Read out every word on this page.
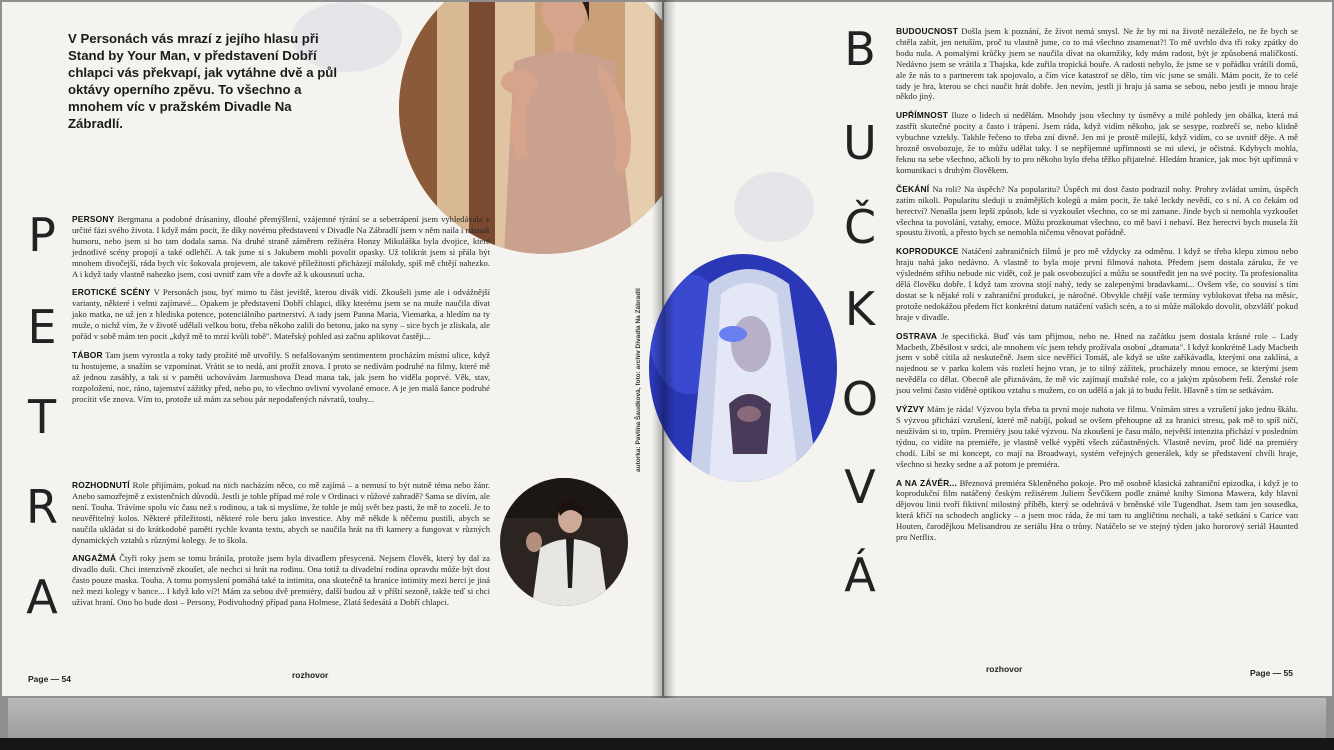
V Personách vás mrazí z jejího hlasu při Stand by Your Man, v představení Dobří chlapci vás překvapí, jak vytáhne dvě a půl oktávy operního zpěvu. To všechno a mnohem víc v pražském Divadle Na Zábradlí.
P
E
T
R
A

PERSONY Bergmana a podobné drásaniny, dlouhé přemýšlení, vzájemné týrání se a sebetrápení jsem vyhledávala v určité fázi svého života. I když mám pocit, že díky novému představení v Divadle Na Zábradlí jsem v něm naila i náznak humoru, nebo jsem si ho tam dodala sama. Na druhé straně záměrem režiséra Honzy Mikuláška byla dvojice, které jednotlivé scény propojí a také odlehčí. A tak jsme si s Jakubem mohli povolit opasky. Už tolikrát jsem si přála být mnohem divočejší, ráda bych víc šokovala projevem, ale takové příležitosti přicházejí málokdy, spíš mě chtějí nahezko. A i když tady vlastně nahezko jsem, cosi uvnitř zam vře a dovře až k ukousnutí ucha.

EROTICKÉ SCÉNY V Personách jsou, byť mimo tu část jeviště, kterou divák vidí. Zkoušeli jsme ale i odvážnější varianty, některé i velmi zajímavé... Opakem je představení Dobří chlapci, díky kterému jsem se na muže naučila dívat jako matka, ne už jen z hlediska potence, potenciálního partnerství. A tady jsem Panna Maria, Viemarka, a hledím na ty muže, o nichž vím, že v životě udělali velkou botu, třeba někoho zalili do betonu, jako na syny – sice bych je zliskala, ale pořád v sobě mám ten pocit „když mě to mrzí kvůli tobě". Mateřský pohled asi začnu aplikovat častěji...

TÁBOR Tam jsem vyrostla a roky tady prožité mě utvořily. S nefalšovaným sentimentem procházím místní ulice, když tu hostujeme, a snažím se vzpomínat. Vrátit se to nedá, ani prožít znova. I proto se nedívám podruhé na filmy, které mě až jednou zasáhly, a tak si v paměti uchovávám Jarmushova Dead mana tak, jak jsem ho viděla poprvé. Věk, stav, rozpoložení, noc, ráno, tajemství zážitky před, nebo po, to všechno ovlivní vyvolané emoce. A je jen malá šance podruhé procítit vše znova. Vím to, protože už mám za sebou pár nepodařených návratů, touhy...

ROZHODNUTÍ Role přijímám, pokud na nich nacházím něco, co mě zajímá – a nemusí to být nutně téma nebo žánr. Anebo samozřejmě z existenčních důvodů. Jestli je tohle případ mé role v Ordinaci v růžové zahradě? Sama se dívím, ale není. Touha. Trávíme spolu víc času než s rodinou, a tak si myslíme, že tohle je můj svět bez pasti, že mě to zocelí. Je to neuvěřitelný kolos. Některé příležitosti, některé role beru jako investice. Aby mě někde k něčemu pustili, abych se naučila ukládat si do krátkodobé paměti rychle kvanta textu, abych se naučila hrát na tři kamery a fungovat v různých dynamických vztahů s různými kolegy. Je to škola.

ANGAŽMÁ Čtyři roky jsem se tomu bránila, protože jsem byla divadlem přesycená. Nejsem člověk, který by dal za divadlo duši. Chci intenzivně zkoušet, ale nechci si hrát na rodinu. Ona totiž ta divadelní rodina opravdu může být dost často pouze maska. Touha. A tomu pomyslení pomáhá také ta intimita, ona skutečně ta hranice intimity mezi herci je jiná než mezi kolegy v bance... I když kdo ví?! Mám za sebou dvě premiéry, další budou až v příští sezoně, takže teď si chci užívat hraní. Ono ho bude dost – Persony, Podivuhodný případ pana Holmese, Zlatá šedesátá a Dobří chlapci.

Page — 54	rozhovor
autorka: Pavlína Šaudková, foto: archiv Divadla Na Zábradlí
B
U
Č
K
O
V
Á

BUDOUCNOST Došla jsem k poznání, že život nemá smysl. Ne že by mi na životě nezáleželo, ne že bych se chtěla zabít, jen netuším, proč tu vlastně jsme, co to má všechno znamenat?! To mě uvrhlo dva tři roky zpátky do bodu nula. A pomalými krůčky jsem se naučila dívat na okamžiky, kdy mám radost, být je způsobená maličkostí. Nedávno jsem se vrátila z Thajska, kde zuřila tropická bouře. A radosti nebylo, že jsme se v pořádku vrátili domů, ale že nás to s partnerem tak spojovalo, a čím více katastrof se dělo, tím víc jsme se smáli. Mám pocit, že to celé tady je hra, kterou se chci naučit hrát dobře. Jen nevím, jestli ji hraju já sama se sebou, nebo jestli je mnou hraje někdo jiný.

UPŘÍMNOST Iluze o lidech si nedělám. Mnohdy jsou všechny ty úsměvy a milé pohledy jen obálka, která má zastřít skutečné pocity a často i trápení. Jsem ráda, když vidím někoho, jak se sesype, rozbrečí se, nebo klidně vybuchne vztekly. Takhle řečeno to třeba zní divně. Jen mi je prostě milejší, když vidím, co se uvnitř děje. A mě hrozně osvobozuje, že to můžu udělat taky. I se nepříjemné upřímnosti se mi ulevi, je očistná. Kdybych mohla, řeknu na sebe všechno, ačkoli by to pro někoho bylo třeba těžko přijatelné. Hledám hranice, jak moc být upřímná v komunikaci s druhým člověkem.

ČEKÁNÍ Na roli? Na úspěch? Na popularitu? Úspěch mi dost často podrazil nohy. Prohry zvládat umím, úspěch zatím nikoli. Popularitu sleduji u známějších kolegů a mám pocit, že také leckdy nevědí, co s ní. A co čekám od herectví? Nenašla jsem lepší způsob, kde si vyzkoušet všechno, co se mi zamane. Jinde bych si nemohla vyzkoušet všechna ta povolání, vztahy, emoce. Můžu prozkoumat všechno, co mě baví i nebaví. Bez herectví bych musela žít spoustu životů, a přesto bych se nemohla ničemu věnovat pořádně.

KOPRODUKCE Natáčení zahraničních filmů je pro mě vždycky za odměnu. I když se třeba klepu zimou nebo hraju nahá jako nedávno. A vlastně to byla moje první filmová nahota. Předem jsem dostala záruku, že ve výsledném střihu nebude nic vidět, což je pak osvobozující a můžu se soustředit jen na své pocity. Ta profesionalita dělá člověku dobře. I když tam zrovna stojí nahý, tedy se zalepenými bradavkami... Ovšem vše, co souvisí s tím dostat se k nějaké roli v zahraniční produkci, je náročné. Obvykle chtějí vaše termíny vyblokovat třeba na měsíc, protože nedokážou předem říct konkrétní datum natáčení vašich scén, a to si může málokdo dovolit, obzvlášť pokud hraje v divadle.

OSTRAVA Je specifická. Buď vás tam přijmou, nebo ne. Hned na začátku jsem dostala krásné role – Lady Macbeth, Zběsilost v srdci, ale mnohem víc jsem tehdy prožívala osobní „dramata". I když konkrétně Lady Macbeth jsem v sobě cítila až neskutečně. Jsem sice nevěřící Tomáš, ale když se ušte zaříkávadla, kterými ona zaklíná, a najednou se v parku kolem vás rozletí hejno vran, je to silný zážitek, procházely mnou emoce, se kterými jsem nevěděla co dělat. Obecně ale přiznávám, že mě víc zajímají mužské role, co a jakým způsobem řeší. Ženské role jsou velmi často viděné optikou vztahu s mužem, co on udělá a jak já to budu řešit. Hlavně s tím se setkávám.

VÝZVY Mám je ráda! Výzvou byla třeba ta první moje nahota ve filmu. Vnímám stres a vzrušení jako jednu škálu. S výzvou přichází vzrušení, které mě nabíjí, pokud se ovšem přehoupne až za hranici stresu, pak mě to spíš ničí, neužívám si to, trpím. Premiéry jsou také výzvou. Na zkoušení je času málo, největší intenzita přichází v posledním týdnu, co vidíte na premiéře, je vlastně velké vypětí všech zúčastněných. Vlastně nevím, proč lidé na premiéry chodí. Líbí se mi koncept, co mají na Broadwayi, systém veřejných generálek, kdy se představení chvíli hraje, všechno si hezky sedne a až potom je premiéra.

A NA ZÁVĚR... Březnová premiéra Skleněného pokoje. Pro mě osobně klasická zahraniční epizodka, i když je to koprodukční film natáčený českým režisérem Juliem Ševčíkem podle známé knihy Simona Mawera, kdy hlavní dějovou linii tvoří fiktivní milostný příběh, který se odehrává v brněnské vile Tugendhat. Jsem tam jen sousedka, která křičí na schodech anglicky – a jsem moc ráda, že mi tam tu angličtinu nechali, a také setkání s Carice van Houten, čarodějkou Melisandrou ze seriálu Hra o trůny. Natáčelo se ve stejný týden jako hororový seriál Haunted pro Netflix.

rozhovor	Page — 55
